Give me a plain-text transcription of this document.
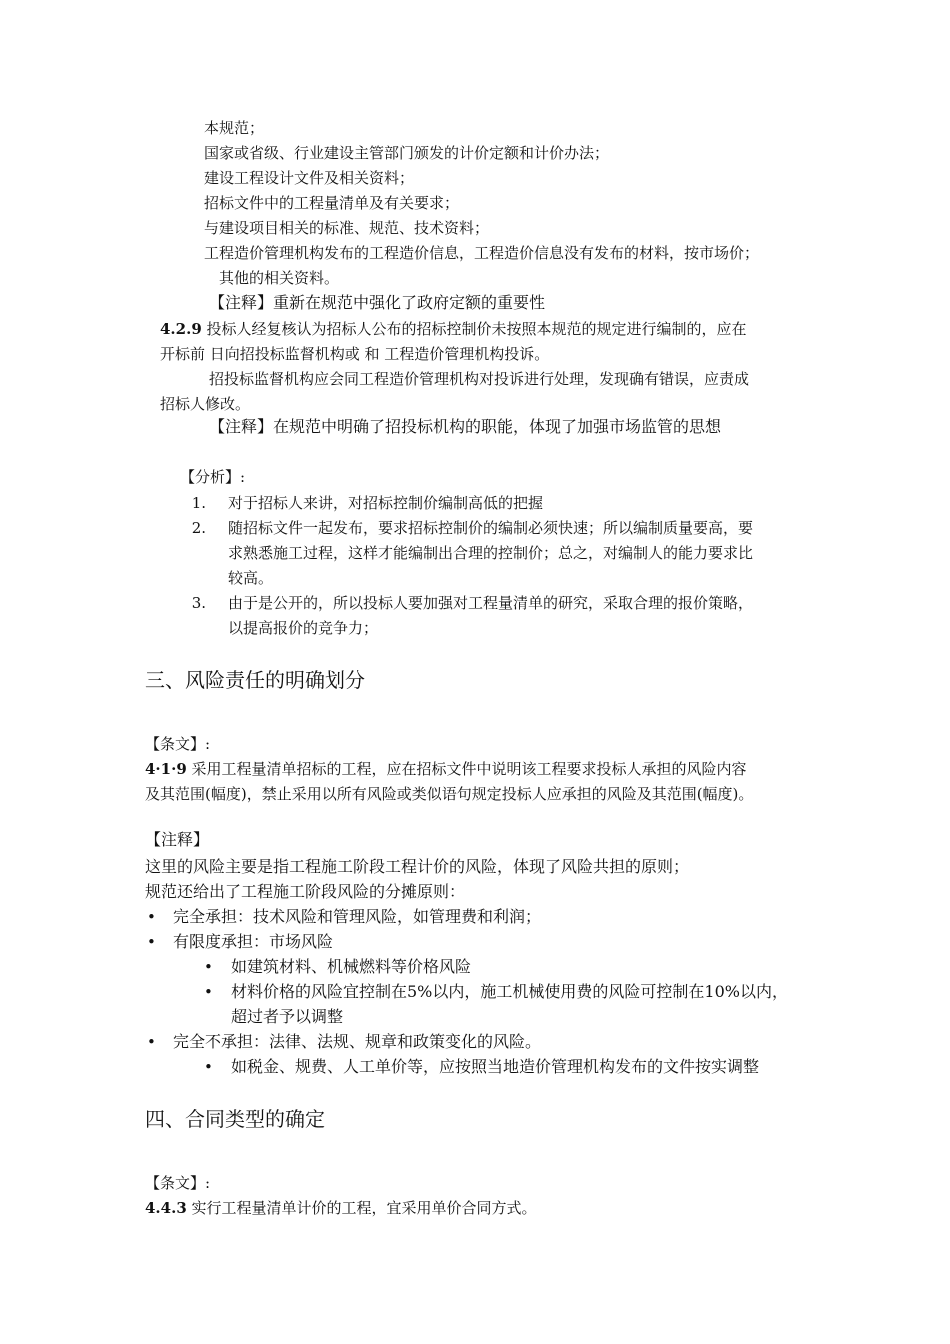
本规范；
国家或省级、行业建设主管部门颁发的计价定额和计价办法；
建设工程设计文件及相关资料；
招标文件中的工程量清单及有关要求；
与建设项目相关的标准、规范、技术资料；
工程造价管理机构发布的工程造价信息，工程造价信息没有发布的材料，按市场价；
其他的相关资料。
【注释】重新在规范中强化了政府定额的重要性
4.2.9 投标人经复核认为招标人公布的招标控制价未按照本规范的规定进行编制的，应在
开标前 日向招投标监督机构或 和 工程造价管理机构投诉。
招投标监督机构应会同工程造价管理机构对投诉进行处理，发现确有错误，应责成
招标人修改。
【注释】在规范中明确了招投标机构的职能，体现了加强市场监管的思想
【分析】:
1. 对于招标人来讲，对招标控制价编制高低的把握
2. 随招标文件一起发布，要求招标控制价的编制必须快速；所以编制质量要高，要
求熟悉施工过程，这样才能编制出合理的控制价；总之，对编制人的能力要求比
较高。
3. 由于是公开的，所以投标人要加强对工程量清单的研究，采取合理的报价策略，
以提高报价的竞争力；
三、风险责任的明确划分
【条文】:
4·1·9 采用工程量清单招标的工程，应在招标文件中说明该工程要求投标人承担的风险内容
及其范围(幅度)，禁止采用以所有风险或类似语句规定投标人应承担的风险及其范围(幅度)。
【注释】
这里的风险主要是指工程施工阶段工程计价的风险，体现了风险共担的原则；
规范还给出了工程施工阶段风险的分摊原则：
• 完全承担：技术风险和管理风险，如管理费和利润；
• 有限度承担：市场风险
• 如建筑材料、机械燃料等价格风险
• 材料价格的风险宜控制在5%以内，施工机械使用费的风险可控制在10%以内，
超过者予以调整
• 完全不承担：法律、法规、规章和政策变化的风险。
• 如税金、规费、人工单价等，应按照当地造价管理机构发布的文件按实调整
四、合同类型的确定
【条文】:
4.4.3 实行工程量清单计价的工程，宜采用单价合同方式。
